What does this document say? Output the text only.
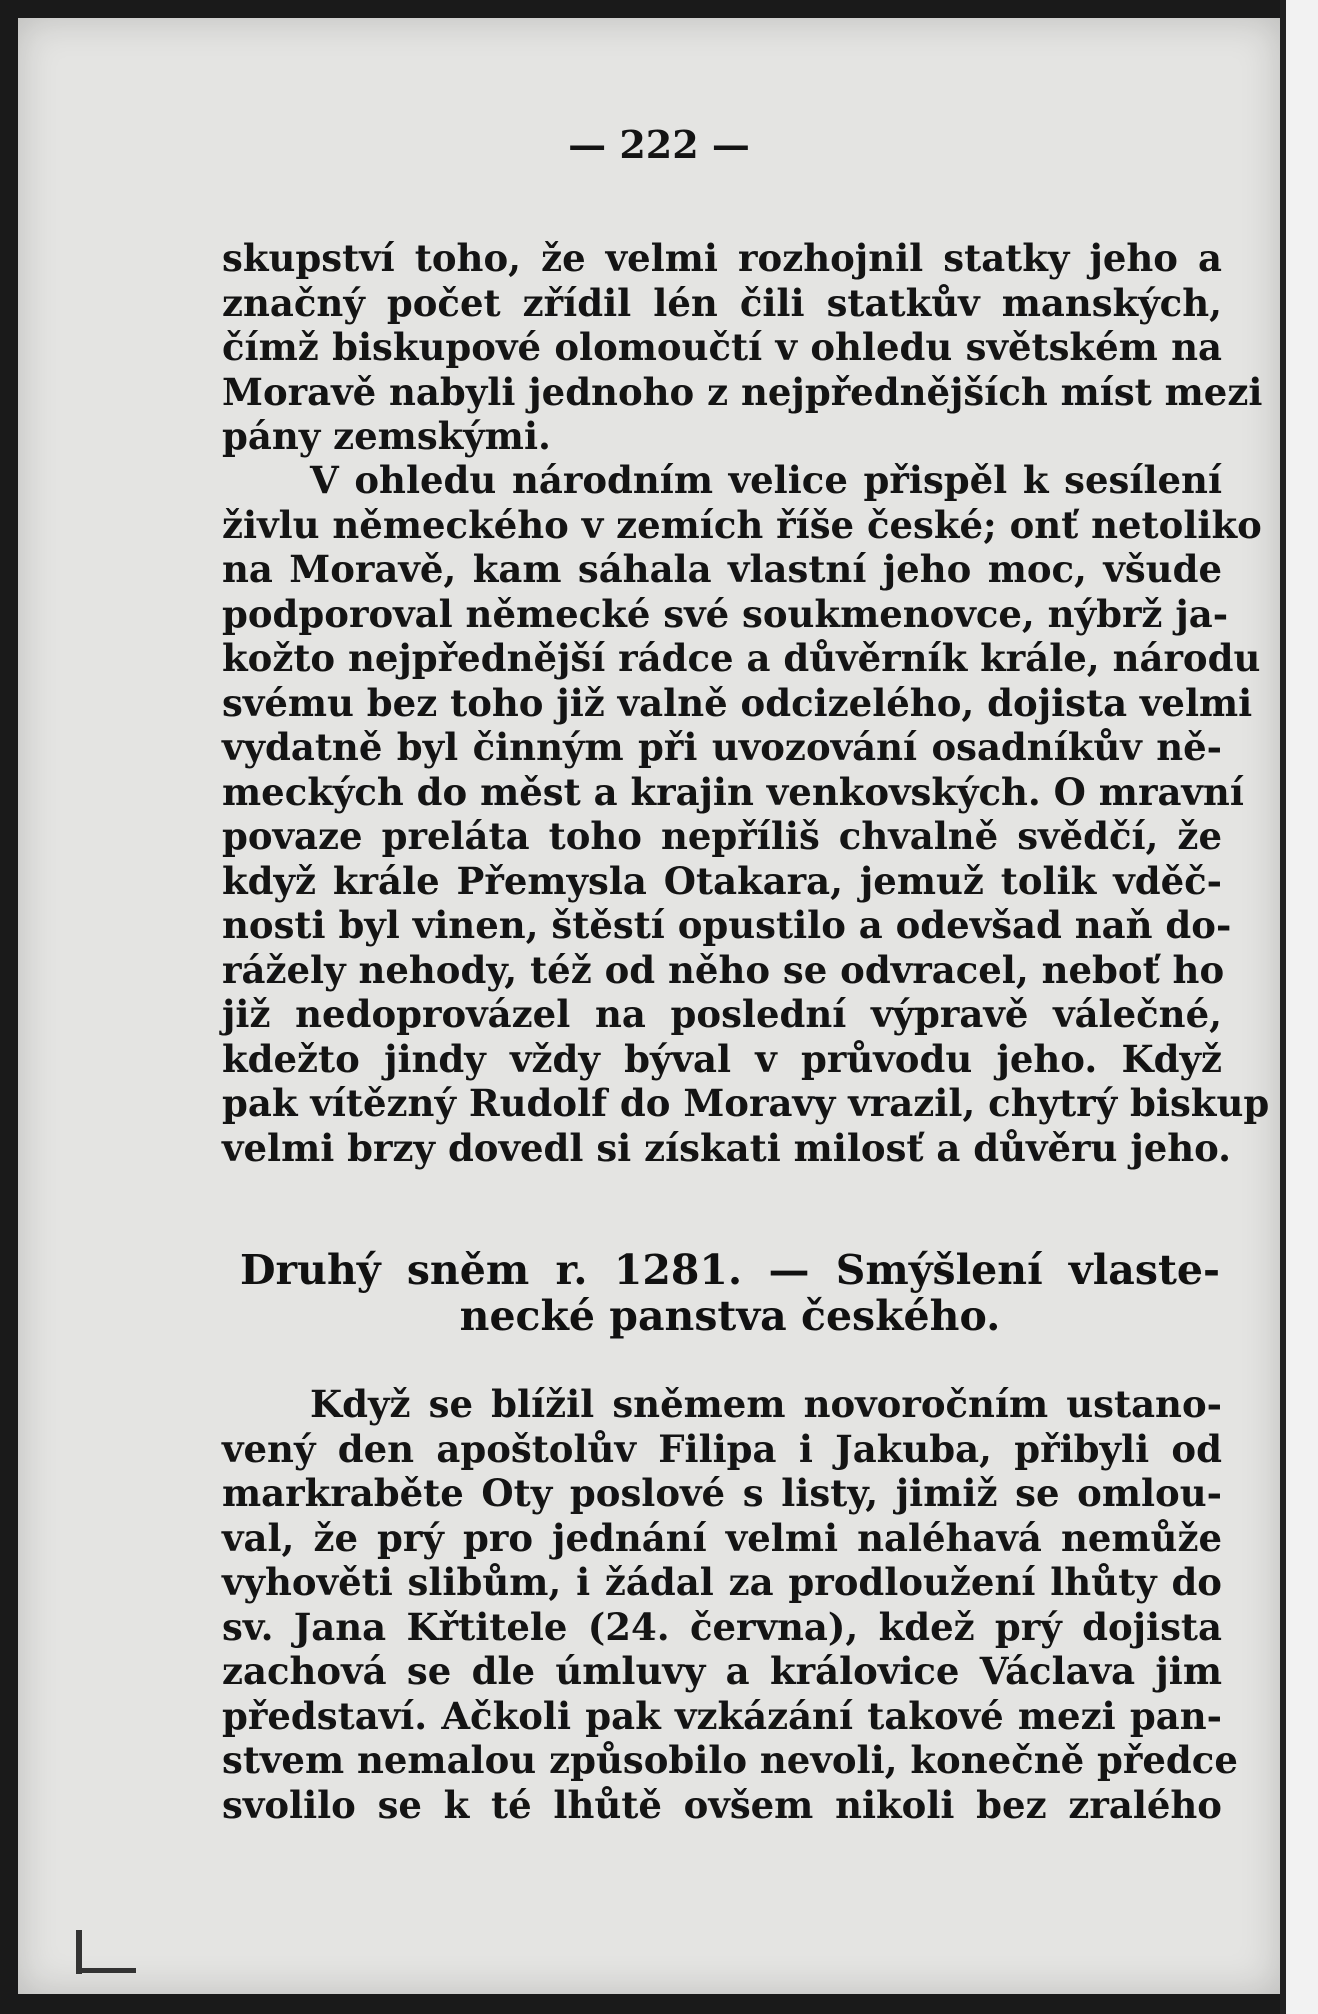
— 222 —
skupství toho, že velmi rozhojnil statky jeho a
značný počet zřídil lén čili statkův manských,
čímž biskupové olomoučtí v ohledu světském na
Moravě nabyli jednoho z nejpřednějších míst mezi
pány zemskými.
V ohledu národním velice přispěl k sesílení
živlu německého v zemích říše české; onť netoliko
na Moravě, kam sáhala vlastní jeho moc, všude
podporoval německé své soukmenovce, nýbrž ja-
kožto nejpřednější rádce a důvěrník krále, národu
svému bez toho již valně odcizelého, dojista velmi
vydatně byl činným při uvozování osadníkův ně-
meckých do měst a krajin venkovských. O mravní
povaze preláta toho nepříliš chvalně svědčí, že
když krále Přemysla Otakara, jemuž tolik vděč-
nosti byl vinen, štěstí opustilo a odevšad naň do-
rážely nehody, též od něho se odvracel, neboť ho
již nedoprovázel na poslední výpravě válečné,
kdežto jindy vždy býval v průvodu jeho. Když
pak vítězný Rudolf do Moravy vrazil, chytrý biskup
velmi brzy dovedl si získati milosť a důvěru jeho.
Druhý sněm r. 1281. — Smýšlení vlaste-
necké panstva českého.
Když se blížil sněmem novoročním ustano-
vený den apoštolův Filipa i Jakuba, přibyli od
markraběte Oty poslové s listy, jimiž se omlou-
val, že prý pro jednání velmi naléhavá nemůže
vyhověti slibům, i žádal za prodloužení lhůty do
sv. Jana Křtitele (24. června), kdež prý dojista
zachová se dle úmluvy a královice Václava jim
představí. Ačkoli pak vzkázání takové mezi pan-
stvem nemalou způsobilo nevoli, konečně předce
svolilo se k té lhůtě ovšem nikoli bez zralého
